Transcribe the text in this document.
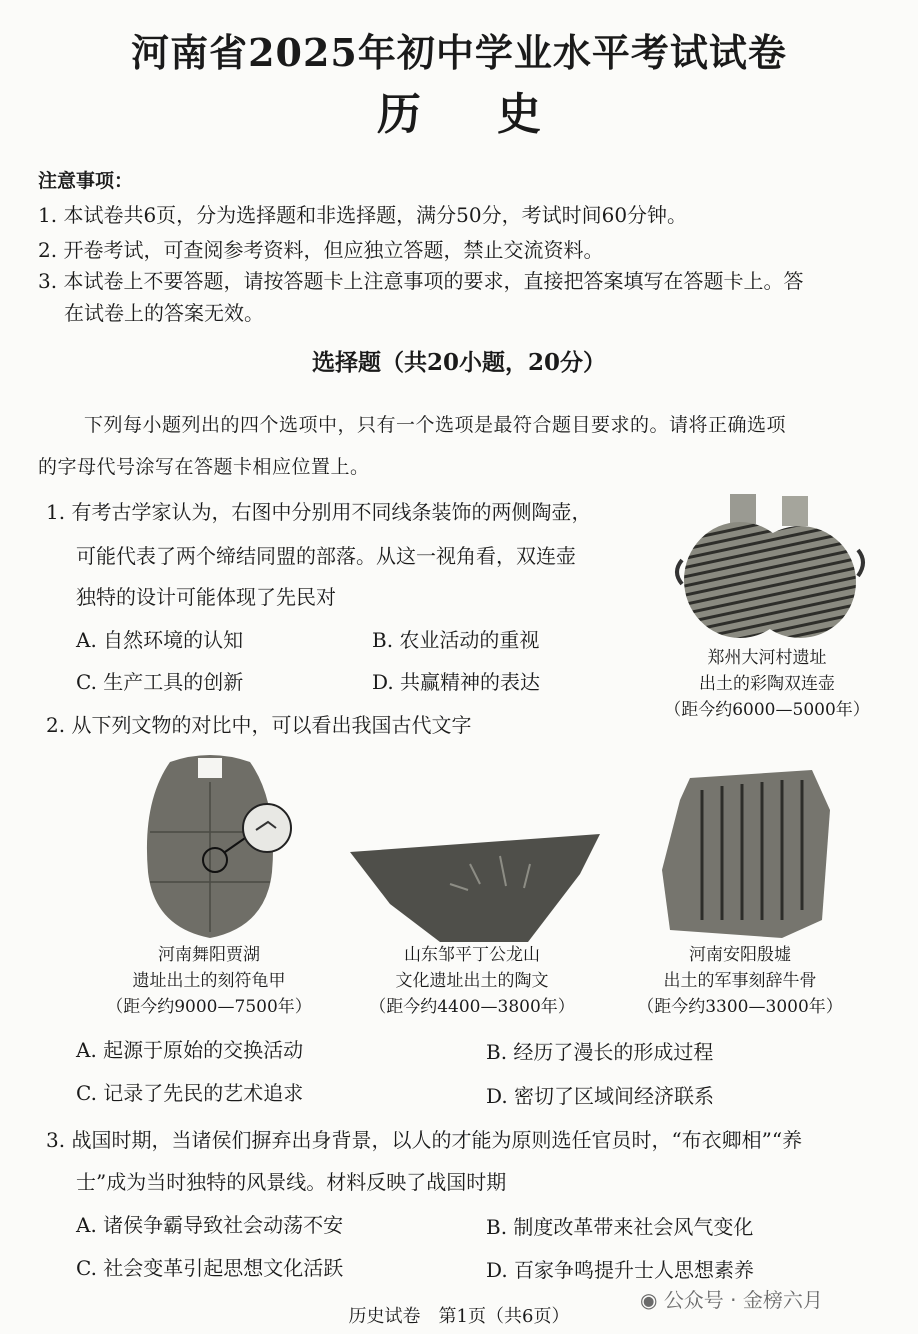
河南省2025年初中学业水平考试试卷
历 史
注意事项：
1. 本试卷共6页，分为选择题和非选择题，满分50分，考试时间60分钟。
2. 开卷考试，可查阅参考资料，但应独立答题，禁止交流资料。
3. 本试卷上不要答题，请按答题卡上注意事项的要求，直接把答案填写在答题卡上。答
在试卷上的答案无效。
选择题（共20小题，20分）
下列每小题列出的四个选项中，只有一个选项是最符合题目要求的。请将正确选项
的字母代号涂写在答题卡相应位置上。
1. 有考古学家认为，右图中分别用不同线条装饰的两侧陶壶，
可能代表了两个缔结同盟的部落。从这一视角看，双连壶
独特的设计可能体现了先民对
A. 自然环境的认知	B. 农业活动的重视
C. 生产工具的创新	D. 共赢精神的表达
郑州大河村遗址
出土的彩陶双连壶
（距今约6000—5000年）
2. 从下列文物的对比中，可以看出我国古代文字
河南舞阳贾湖
遗址出土的刻符龟甲
（距今约9000—7500年）
山东邹平丁公龙山
文化遗址出土的陶文
（距今约4400—3800年）
河南安阳殷墟
出土的军事刻辞牛骨
（距今约3300—3000年）
A. 起源于原始的交换活动	B. 经历了漫长的形成过程
C. 记录了先民的艺术追求	D. 密切了区域间经济联系
3. 战国时期，当诸侯们摒弃出身背景，以人的才能为原则选任官员时，“布衣卿相”“养
士”成为当时独特的风景线。材料反映了战国时期
A. 诸侯争霸导致社会动荡不安	B. 制度改革带来社会风气变化
C. 社会变革引起思想文化活跃	D. 百家争鸣提升士人思想素养
历史试卷　第1页（共6页）
◉ 公众号 · 金榜六月
